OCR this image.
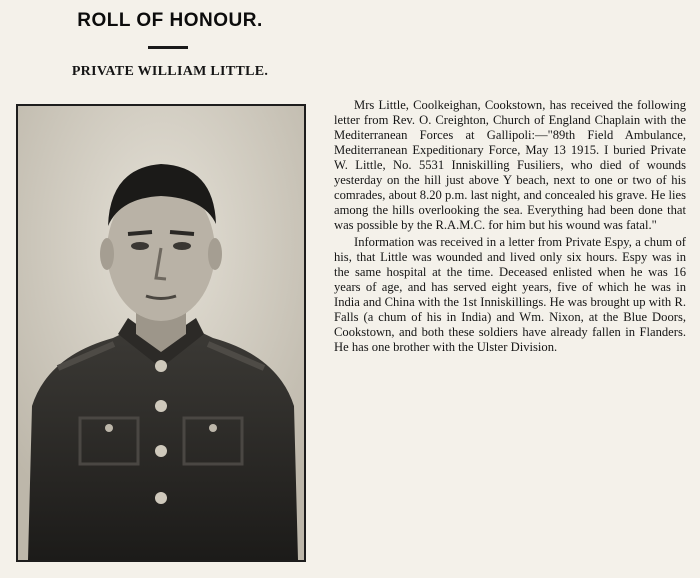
ROLL OF HONOUR.
PRIVATE WILLIAM LITTLE.

Mrs Little, Coolkeighan, Cookstown, has received the following letter from Rev. O. Creighton, Church of England Chaplain with the Mediterranean Forces at Gallipoli:—"89th Field Ambulance, Mediterranean Expeditionary Force, May 13 1915. I buried Private W. Little, No. 5531 Inniskilling Fusiliers, who died of wounds yesterday on the hill just above Y beach, next to one or two of his comrades, about 8.20 p.m. last night, and concealed his grave. He lies among the hills overlooking the sea. Everything had been done that was possible by the R.A.M.C. for him but his wound was fatal."

Information was received in a letter from Private Espy, a chum of his, that Little was wounded and lived only six hours. Espy was in the same hospital at the time. Deceased enlisted when he was 16 years of age, and has served eight years, five of which he was in India and China with the 1st Inniskillings. He was brought up with R. Falls (a chum of his in India) and Wm. Nixon, at the Blue Doors, Cookstown, and both these soldiers have already fallen in Flanders. He has one brother with the Ulster Division.
